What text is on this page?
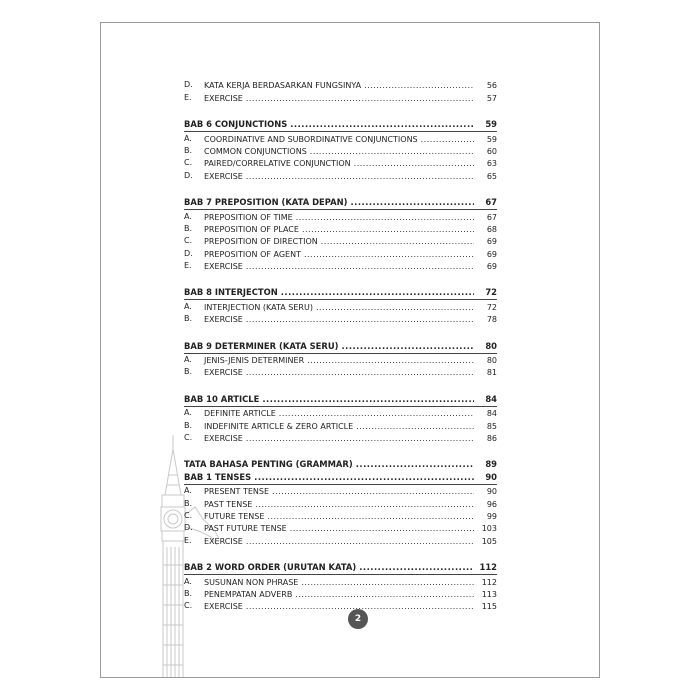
D. KATA KERJA BERDASARKAN FUNGSINYA .....	56
E. EXERCISE .....	57
BAB 6 CONJUNCTIONS .....	59
A. COORDINATIVE AND SUBORDINATIVE CONJUNCTIONS .....	59
B. COMMON CONJUNCTIONS .....	60
C. PAIRED/CORRELATIVE CONJUNCTION .....	63
D. EXERCISE .....	65
BAB 7 PREPOSITION (KATA DEPAN) .....	67
A. PREPOSITION OF TIME .....	67
B. PREPOSITION OF PLACE .....	68
C. PREPOSITION OF DIRECTION .....	69
D. PREPOSITION OF AGENT .....	69
E. EXERCISE .....	69
BAB 8 INTERJECTON .....	72
A. INTERJECTION (KATA SERU) .....	72
B. EXERCISE .....	78
BAB 9 DETERMINER (KATA SERU) .....	80
A. JENIS-JENIS DETERMINER .....	80
B. EXERCISE .....	81
BAB 10 ARTICLE .....	84
A. DEFINITE ARTICLE .....	84
B. INDEFINITE ARTICLE & ZERO ARTICLE .....	85
C. EXERCISE .....	86
TATA BAHASA PENTING (GRAMMAR) .....	89
BAB 1 TENSES .....	90
A. PRESENT TENSE .....	90
B. PAST TENSE .....	96
C. FUTURE TENSE .....	99
D. PAST FUTURE TENSE .....	103
E. EXERCISE .....	105
BAB 2 WORD ORDER (URUTAN KATA) .....	112
A. SUSUNAN NON PHRASE .....	112
B. PENEMPATAN ADVERB .....	113
C. EXERCISE .....	115
2
